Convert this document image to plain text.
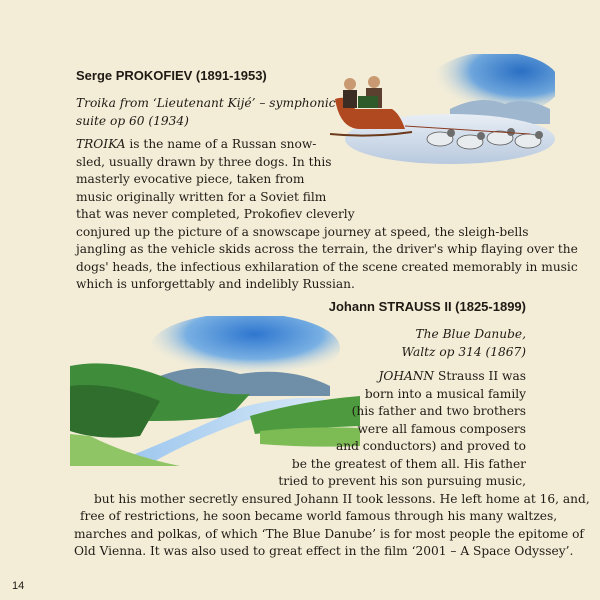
Serge PROKOFIEV (1891-1953)
Troika from ‘Lieutenant Kijé’ – symphonic suite op 60 (1934)
TROIKA is the name of a Russan snow-
sled, usually drawn by three dogs. In this
masterly evocative piece, taken from
music originally written for a Soviet film
that was never completed, Prokofiev cleverly
conjured up the picture of a snowscape journey at speed, the sleigh-bells
jangling as the vehicle skids across the terrain, the driver's whip flaying over the
dogs' heads, the infectious exhilaration of the scene created memorably in music
which is unforgettably and indelibly Russian.
Johann STRAUSS II (1825-1899)
The Blue Danube,
Waltz op 314 (1867)
JOHANN Strauss II was
born into a musical family
(his father and two brothers
were all famous composers
and conductors) and proved to
be the greatest of them all. His father
tried to prevent his son pursuing music,
but his mother secretly ensured Johann II took lessons. He left home at 16, and,
free of restrictions, he soon became world famous through his many waltzes,
marches and polkas, of which ‘The Blue Danube’ is for most people the epitome of
Old Vienna. It was also used to great effect in the film ‘2001 – A Space Odyssey’.
14
